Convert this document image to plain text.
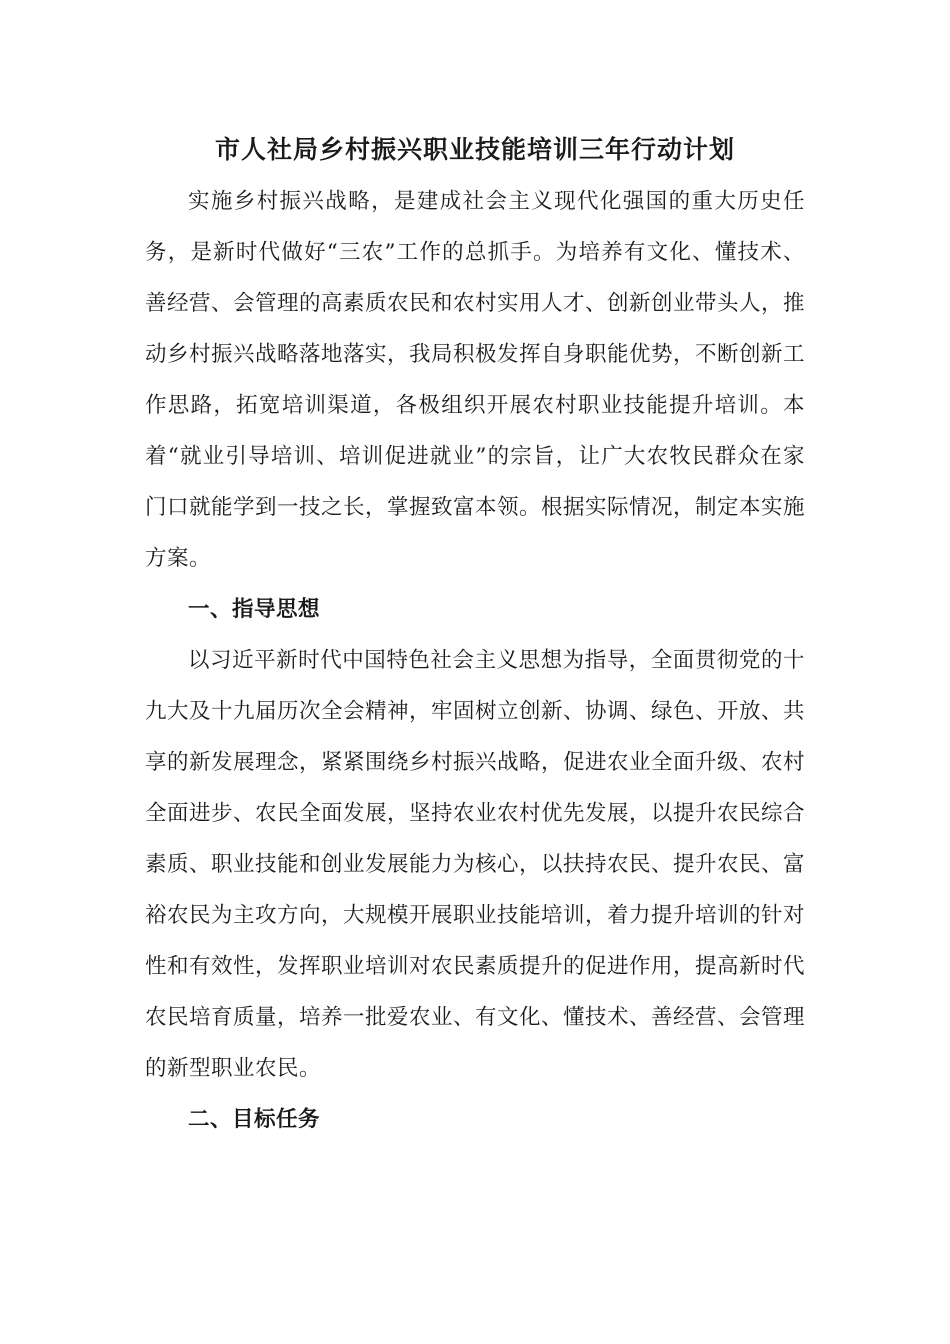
市人社局乡村振兴职业技能培训三年行动计划

实施乡村振兴战略，是建成社会主义现代化强国的重大历史任务，是新时代做好“三农”工作的总抓手。为培养有文化、懂技术、善经营、会管理的高素质农民和农村实用人才、创新创业带头人，推动乡村振兴战略落地落实，我局积极发挥自身职能优势，不断创新工作思路，拓宽培训渠道，各极组织开展农村职业技能提升培训。本着“就业引导培训、培训促进就业”的宗旨，让广大农牧民群众在家门口就能学到一技之长，掌握致富本领。根据实际情况，制定本实施方案。

一、指导思想

以习近平新时代中国特色社会主义思想为指导，全面贯彻党的十九大及十九届历次全会精神，牢固树立创新、协调、绿色、开放、共享的新发展理念，紧紧围绕乡村振兴战略，促进农业全面升级、农村全面进步、农民全面发展，坚持农业农村优先发展，以提升农民综合素质、职业技能和创业发展能力为核心，以扶持农民、提升农民、富裕农民为主攻方向，大规模开展职业技能培训，着力提升培训的针对性和有效性，发挥职业培训对农民素质提升的促进作用，提高新时代农民培育质量，培养一批爱农业、有文化、懂技术、善经营、会管理的新型职业农民。

二、目标任务
